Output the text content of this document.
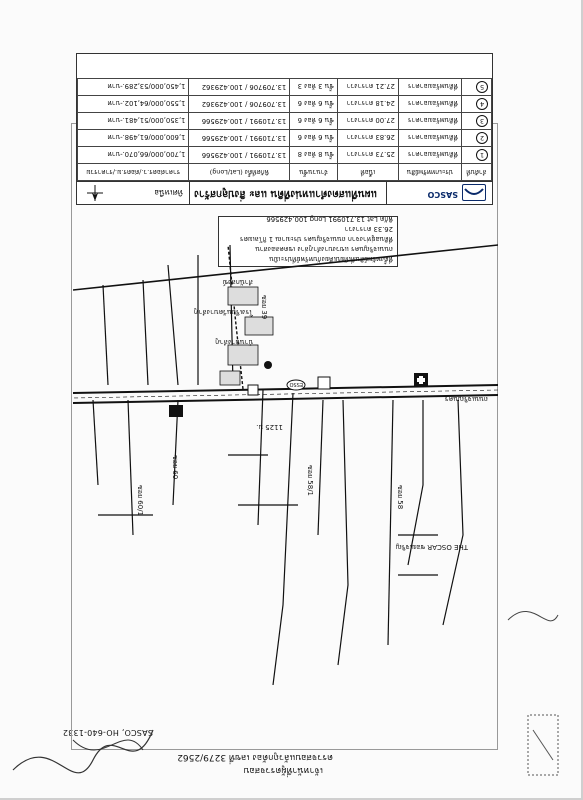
SASCO, HO-640-1332
SASCO
แผนที่แสดงตำแหน่งที่ดิน และ สิ่งปลูกสร้าง
ทิศเหนือ
ลำดับที่	ประเภททรัพย์สิน	เนื้อที่	จำนวนชั้น	พิกัดที่ตั้ง (Lat/Long)	ราคาต่อตร.ว./ต่อตร.ม./ราคารวม
1	ที่ดินพร้อมอาคาร	25.73 ตารางวา	ชั้น 8 ห้อง 8	13.710991 / 100.429566	1,700,000/66,070.-บาท
2	ที่ดินพร้อมอาคาร	26.83 ตารางวา	ชั้น 6 ห้อง 6	13.710991 / 100.429566	1,600,000/61,498.-บาท
3	ที่ดินพร้อมอาคาร	27.00 ตารางวา	ชั้น 6 ห้อง 6	13.710991 / 100.429566	1,350,000/51,481.-บาท
4	ที่ดินพร้อมอาคาร	24.18 ตารางวา	ชั้น 6 ห้อง 6	13.709706 / 100.429362	1,550,000/64,102.-บาท
5	ที่ดินพร้อมอาคาร	27.21 ตารางวา	ชั้น 3 ห้อง 3	13.709706 / 100.429362	1,450,000/53,289.-บาท
ที่ตั้งทรัพย์สินที่เทียบเคียงกับทรัพย์ที่ประเมิน
ถนนเจริญนคร แขวงบางลำภูล่าง เขตคลองสาน
ที่ดินอยู่ห่างจาก ถนนเจริญนคร ประมาณ 1 กิโลเมตร 26.33 ตารางวา
พิกัด Lat 13.710991 Long 100.429566
ถนนเจริญนคร
ซอย 39
ซอย 58
ซอย 60	ซอย 58/1
ซอย 60/1
1125 ม.
THE OSCAR ซอยเจริญ
บ้านบางลำภู
โรงเรียนวัดบางลำภู
สำนักสงฆ์
ESSO
ตรวจสอบแล้วถูกต้อง เลขที่ 3279/2562
เจ้าหน้าที่ผู้ตรวจสอบ
